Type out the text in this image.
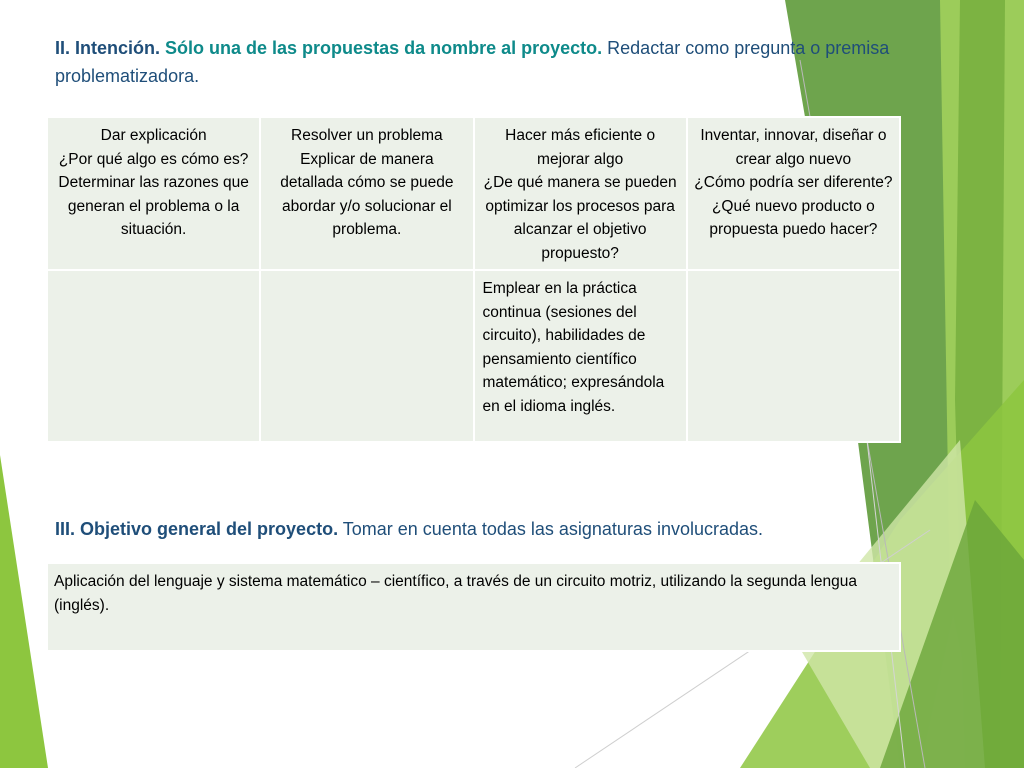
II. Intención. Sólo una de las propuestas da nombre al proyecto. Redactar como pregunta o premisa problematizadora.
Dar explicación
¿Por qué algo es cómo es?
Determinar las razones que generan el problema o la situación.	Resolver un problema
Explicar de manera detallada cómo se puede abordar y/o solucionar el problema.	Hacer más eficiente o mejorar algo
¿De qué manera se pueden optimizar los procesos para alcanzar el objetivo propuesto?	Inventar, innovar, diseñar o crear algo nuevo
¿Cómo podría ser diferente?
¿Qué nuevo producto o propuesta puedo hacer?

		Emplear en la práctica continua (sesiones del circuito), habilidades de pensamiento científico matemático; expresándola en el idioma inglés.	
III. Objetivo general del proyecto. Tomar en cuenta todas las asignaturas involucradas.
Aplicación del lenguaje y sistema matemático – científico, a través de un circuito motriz, utilizando la segunda lengua (inglés).
